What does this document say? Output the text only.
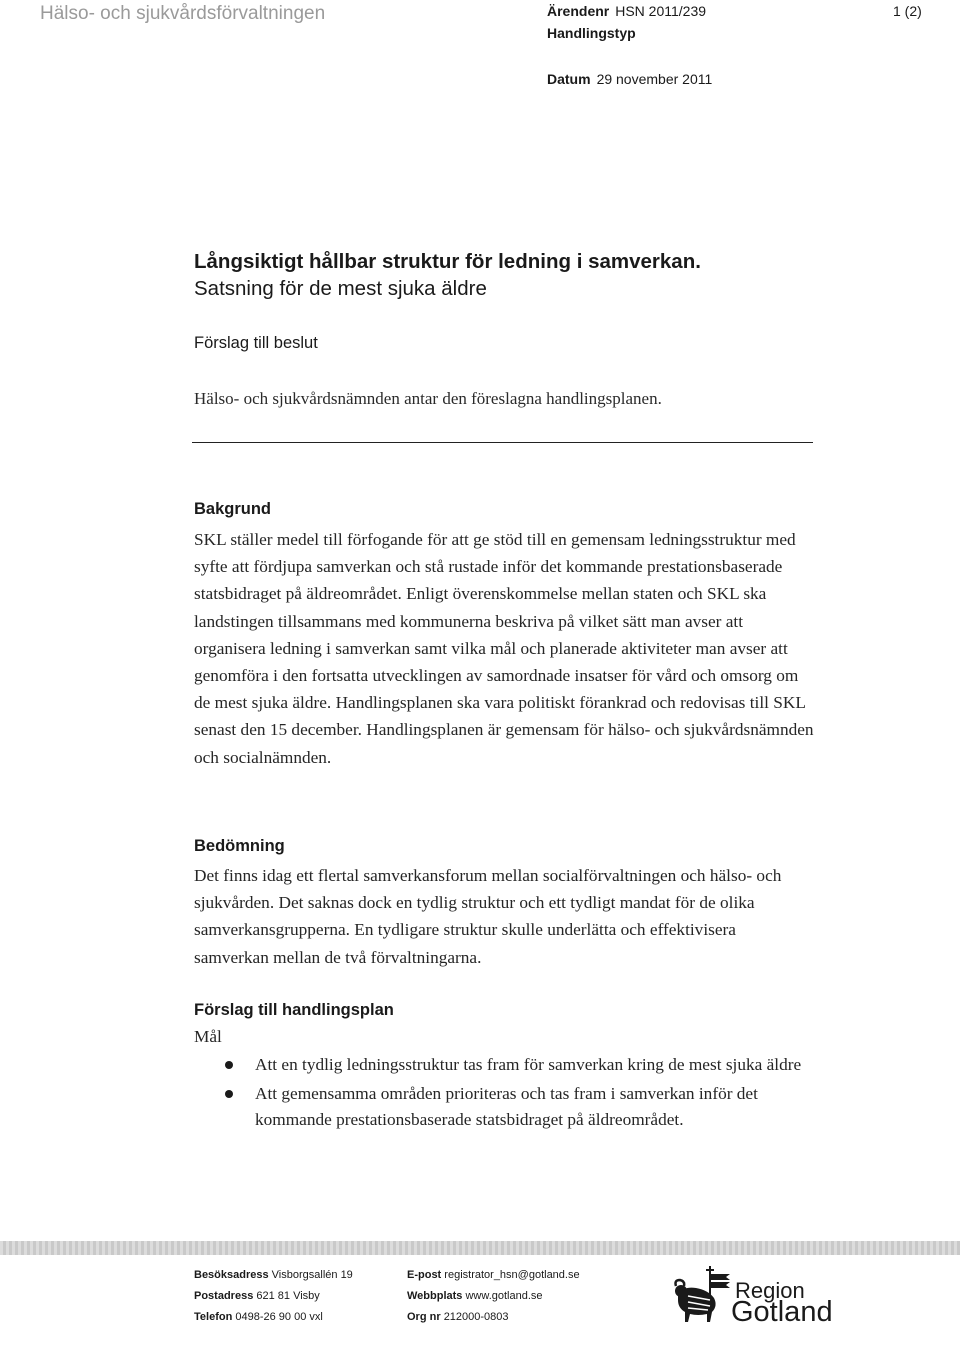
Hälso- och sjukvårdsförvaltningen	Ärendenr HSN 2011/239
Handlingstyp
Datum 29 november 2011
1 (2)
Långsiktigt hållbar struktur för ledning i samverkan.
Satsning för de mest sjuka äldre
Förslag till beslut
Hälso- och sjukvårdsnämnden antar den föreslagna handlingsplanen.
Bakgrund
SKL ställer medel till förfogande för att ge stöd till en gemensam ledningsstruktur med syfte att fördjupa samverkan och stå rustade inför det kommande prestationsbaserade statsbidraget på äldreområdet. Enligt överenskommelse mellan staten och SKL ska landstingen tillsammans med kommunerna beskriva på vilket sätt man avser att organisera ledning i samverkan samt vilka mål och planerade aktiviteter man avser att genomföra i den fortsatta utvecklingen av samordnade insatser för vård och omsorg om de mest sjuka äldre. Handlingsplanen ska vara politiskt förankrad och redovisas till SKL senast den 15 december. Handlingsplanen är gemensam för hälso- och sjukvårdsnämnden och socialnämnden.
Bedömning
Det finns idag ett flertal samverkansforum mellan socialförvaltningen och hälso- och sjukvården. Det saknas dock en tydlig struktur och ett tydligt mandat för de olika samverkansgrupperna. En tydligare struktur skulle underlätta och effektivisera samverkan mellan de två förvaltningarna.
Förslag till handlingsplan
Mål
Att en tydlig ledningsstruktur tas fram för samverkan kring de mest sjuka äldre
Att gemensamma områden prioriteras och tas fram i samverkan inför det kommande prestationsbaserade statsbidraget på äldreområdet.
Besöksadress Visborgsallén 19
Postadress 621 81 Visby
Telefon 0498-26 90 00 vxl
E-post registrator_hsn@gotland.se
Webbplats www.gotland.se
Org nr 212000-0803
Region
Gotland
